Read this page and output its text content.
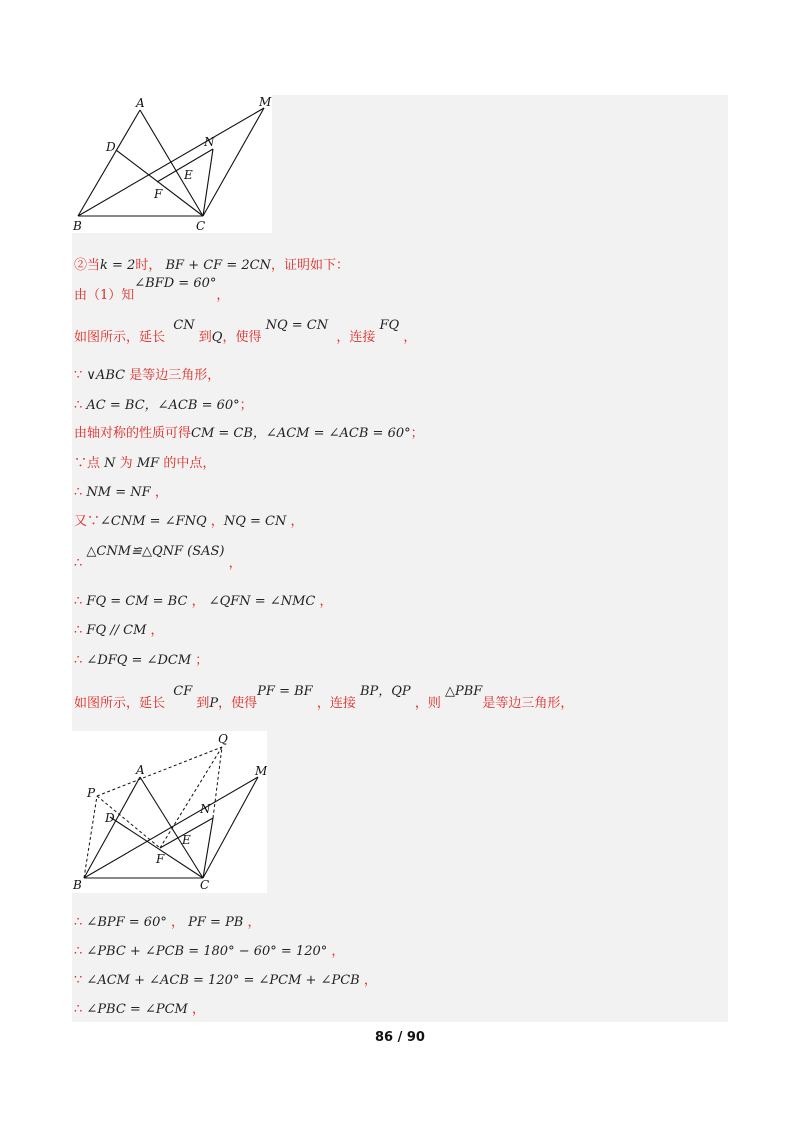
A	M
D	N
E
F
B	C
②当k = 2时， BF + CF = 2CN，证明如下：
由（1）知∠BFD = 60°，
如图所示，延长  CN 到Q，使得 NQ = CN  ，连接 FQ ，
∵ ∨ABC 是等边三角形，
∴ AC = BC，∠ACB = 60°；
由轴对称的性质可得CM = CB，∠ACM = ∠ACB = 60°；
∵点 N 为 MF 的中点，
∴ NM = NF ，
又∵∠CNM = ∠FNQ ，NQ = CN ，
∴ △CNM≌△QNF (SAS) ，
∴ FQ = CM = BC ， ∠QFN = ∠NMC ，
∴ FQ // CM ，
∴ ∠DFQ = ∠DCM ；
如图所示，延长  CF 到P，使得PF = BF ，连接 BP，QP ，则 △PBF是等边三角形，
Q
A	M
P
D
N
E
F
B	C
∴ ∠BPF = 60° ， PF = PB ，
∴ ∠PBC + ∠PCB = 180° − 60° = 120° ，
∵ ∠ACM + ∠ACB = 120° = ∠PCM + ∠PCB ，
∴ ∠PBC = ∠PCM ，
86 / 90
